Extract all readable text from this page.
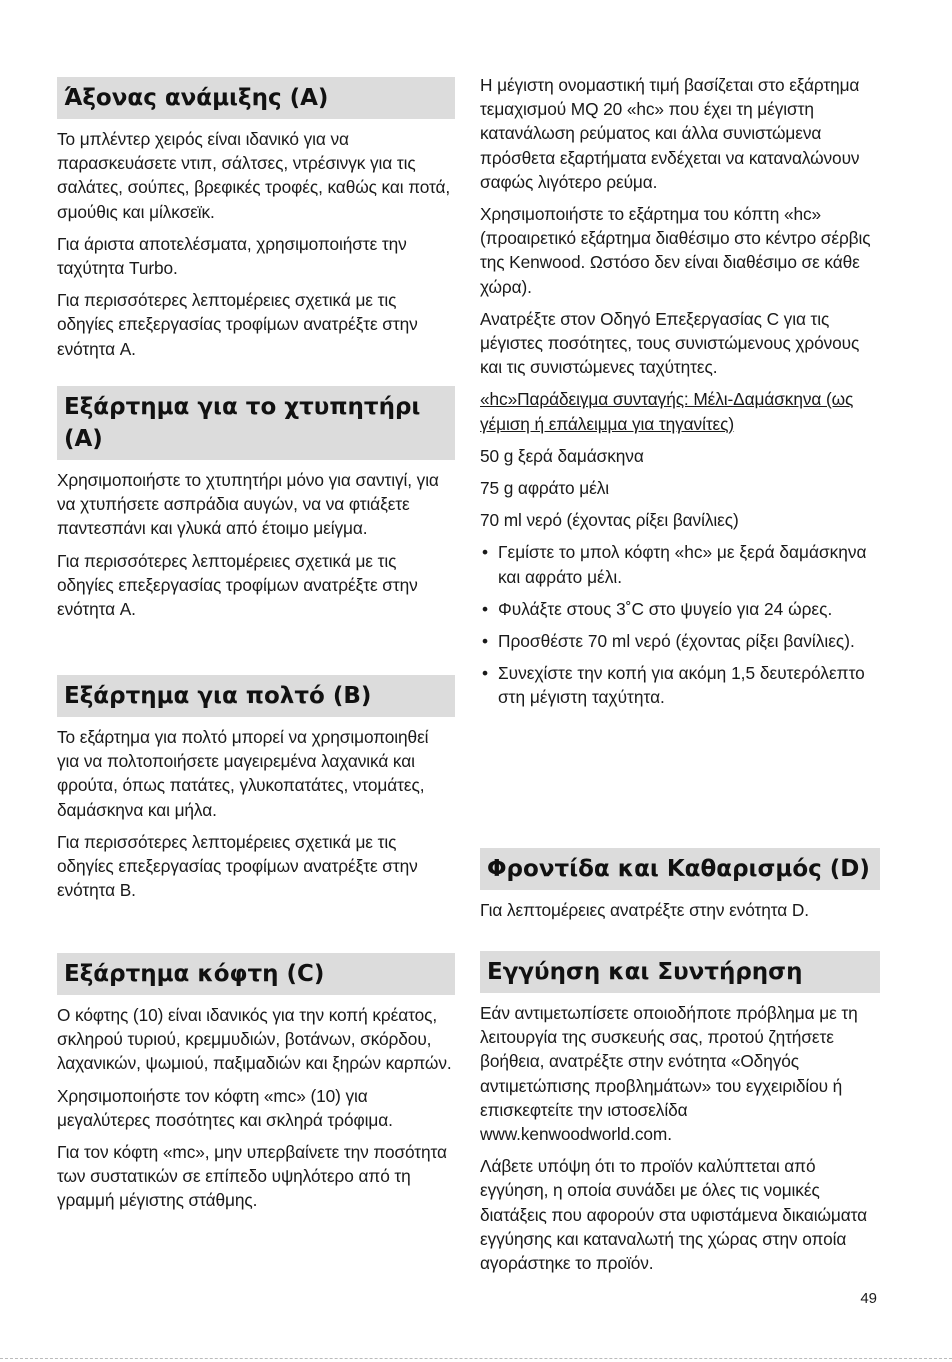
Άξονας ανάμιξης (A)

Το μπλέντερ χειρός είναι ιδανικό για να παρασκευάσετε ντιπ, σάλτσες, ντρέσινγκ για τις σαλάτες, σούπες, βρεφικές τροφές, καθώς και ποτά, σμούθις και μίλκσεϊκ.

Για άριστα αποτελέσματα, χρησιμοποιήστε την ταχύτητα Turbo.

Για περισσότερες λεπτομέρειες σχετικά με τις οδηγίες επεξεργασίας τροφίμων ανατρέξτε στην ενότητα A.

Εξάρτημα για το χτυπητήρι (A)

Χρησιμοποιήστε το χτυπητήρι μόνο για σαντιγί, για να χτυπήσετε ασπράδια αυγών, να να φτιάξετε παντεσπάνι και γλυκά από έτοιμο μείγμα.

Για περισσότερες λεπτομέρειες σχετικά με τις οδηγίες επεξεργασίας τροφίμων ανατρέξτε στην ενότητα A.

Εξάρτημα για πολτό (B)

Το εξάρτημα για πολτό μπορεί να χρησιμοποιηθεί για να πολτοποιήσετε μαγειρεμένα λαχανικά και φρούτα, όπως πατάτες, γλυκοπατάτες, ντομάτες, δαμάσκηνα και μήλα.

Για περισσότερες λεπτομέρειες σχετικά με τις οδηγίες επεξεργασίας τροφίμων ανατρέξτε στην ενότητα B.

Εξάρτημα κόφτη (C)

Ο κόφτης (10) είναι ιδανικός για την κοπή κρέατος, σκληρού τυριού, κρεμμυδιών, βοτάνων, σκόρδου, λαχανικών, ψωμιού, παξιμαδιών και ξηρών καρπών.

Χρησιμοποιήστε τον κόφτη «mc» (10) για μεγαλύτερες ποσότητες και σκληρά τρόφιμα.

Για τον κόφτη «mc», μην υπερβαίνετε την ποσότητα των συστατικών σε επίπεδο υψηλότερο από τη γραμμή μέγιστης στάθμης.

Η μέγιστη ονομαστική τιμή βασίζεται στο εξάρτημα τεμαχισμού MQ 20 «hc» που έχει τη μέγιστη κατανάλωση ρεύματος και άλλα συνιστώμενα πρόσθετα εξαρτήματα ενδέχεται να καταναλώνουν σαφώς λιγότερο ρεύμα.

Χρησιμοποιήστε το εξάρτημα του κόπτη «hc» (προαιρετικό εξάρτημα διαθέσιμο στο κέντρο σέρβις της Kenwood. Ωστόσο δεν είναι διαθέσιμο σε κάθε χώρα).

Ανατρέξτε στον Οδηγό Επεξεργασίας C για τις μέγιστες ποσότητες, τους συνιστώμενους χρόνους και τις συνιστώμενες ταχύτητες.

«hc»Παράδειγμα συνταγής: Μέλι-Δαμάσκηνα (ως γέμιση ή επάλειμμα για τηγανίτες)

50 g ξερά δαμάσκηνα

75 g αφράτο μέλι

70 ml νερό (έχοντας ρίξει βανίλιες)

• Γεμίστε το μπολ κόφτη «hc» με ξερά δαμάσκηνα και αφράτο μέλι.
• Φυλάξτε στους 3˚C στο ψυγείο για 24 ώρες.
• Προσθέστε 70 ml νερό (έχοντας ρίξει βανίλιες).
• Συνεχίστε την κοπή για ακόμη 1,5 δευτερόλεπτο στη μέγιστη ταχύτητα.
Φροντίδα και Καθαρισμός (D)

Για λεπτομέρειες ανατρέξτε στην ενότητα D.

Εγγύηση και Συντήρηση

Εάν αντιμετωπίσετε οποιοδήποτε πρόβλημα με τη λειτουργία της συσκευής σας, προτού ζητήσετε βοήθεια, ανατρέξτε στην ενότητα «Οδηγός αντιμετώπισης προβλημάτων» του εγχειριδίου ή επισκεφτείτε την ιστοσελίδα www.kenwoodworld.com.

Λάβετε υπόψη ότι το προϊόν καλύπτεται από εγγύηση, η οποία συνάδει με όλες τις νομικές διατάξεις που αφορούν στα υφιστάμενα δικαιώματα εγγύησης και καταναλωτή της χώρας στην οποία αγοράστηκε το προϊόν.

49
